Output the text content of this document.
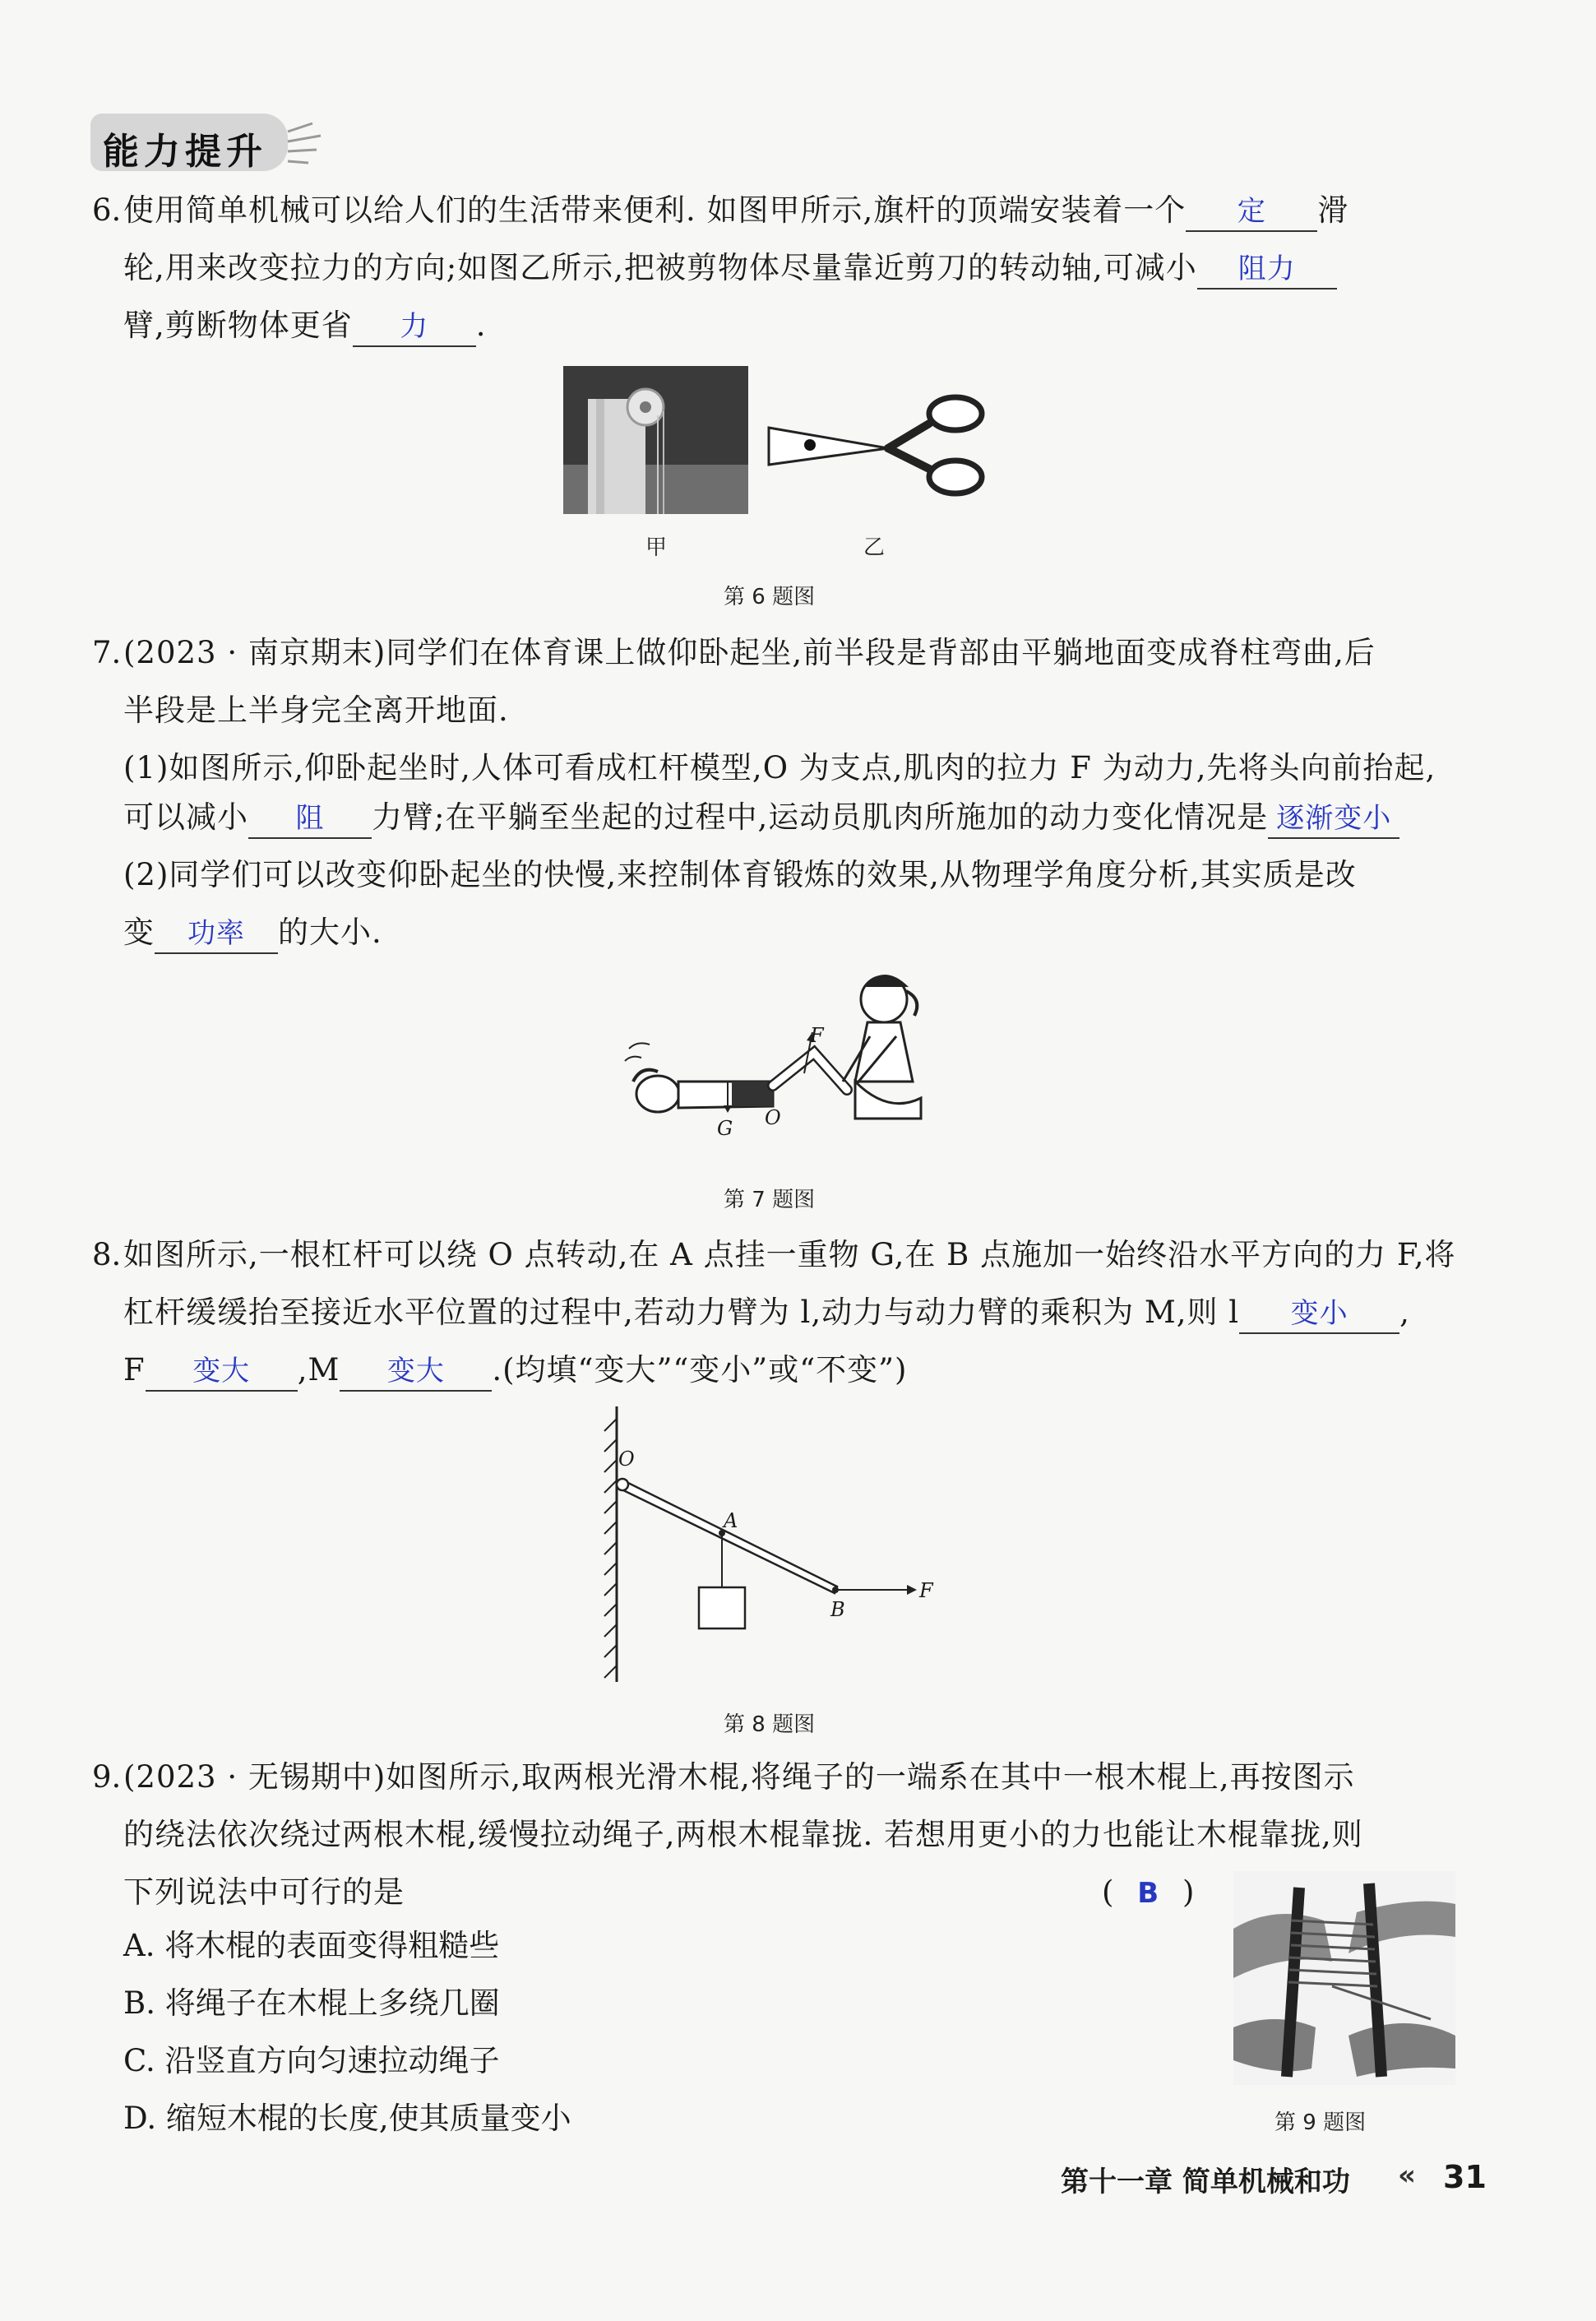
能力提升
6. 使用简单机械可以给人们的生活带来便利. 如图甲所示,旗杆的顶端安装着一个 定 滑
轮,用来改变拉力的方向;如图乙所示,把被剪物体尽量靠近剪刀的转动轴,可减小 阻力
臂,剪断物体更省 力 .
甲	乙
第 6 题图
7. (2023 · 南京期末)同学们在体育课上做仰卧起坐,前半段是背部由平躺地面变成脊柱弯曲,后
半段是上半身完全离开地面.
(1)如图所示,仰卧起坐时,人体可看成杠杆模型,O 为支点,肌肉的拉力 F 为动力,先将头向前抬起,
可以减小 阻 力臂;在平躺至坐起的过程中,运动员肌肉所施加的动力变化情况是 逐渐变小
(2)同学们可以改变仰卧起坐的快慢,来控制体育锻炼的效果,从物理学角度分析,其实质是改
变 功率 的大小.
F
G O
第 7 题图
8. 如图所示,一根杠杆可以绕 O 点转动,在 A 点挂一重物 G,在 B 点施加一始终沿水平方向的力 F,将
杠杆缓缓抬至接近水平位置的过程中,若动力臂为 l,动力与动力臂的乘积为 M,则 l 变小 ,
F 变大 ,M 变大 .(均填“变大”“变小”或“不变”)
O
A
B
F
第 8 题图
9. (2023 · 无锡期中)如图所示,取两根光滑木棍,将绳子的一端系在其中一根木棍上,再按图示
的绕法依次绕过两根木棍,缓慢拉动绳子,两根木棍靠拢. 若想用更小的力也能让木棍靠拢,则
下列说法中可行的是	( B )
A. 将木棍的表面变得粗糙些
B. 将绳子在木棍上多绕几圈
C. 沿竖直方向匀速拉动绳子
D. 缩短木棍的长度,使其质量变小	第 9 题图
第十一章 简单机械和功 « 31
